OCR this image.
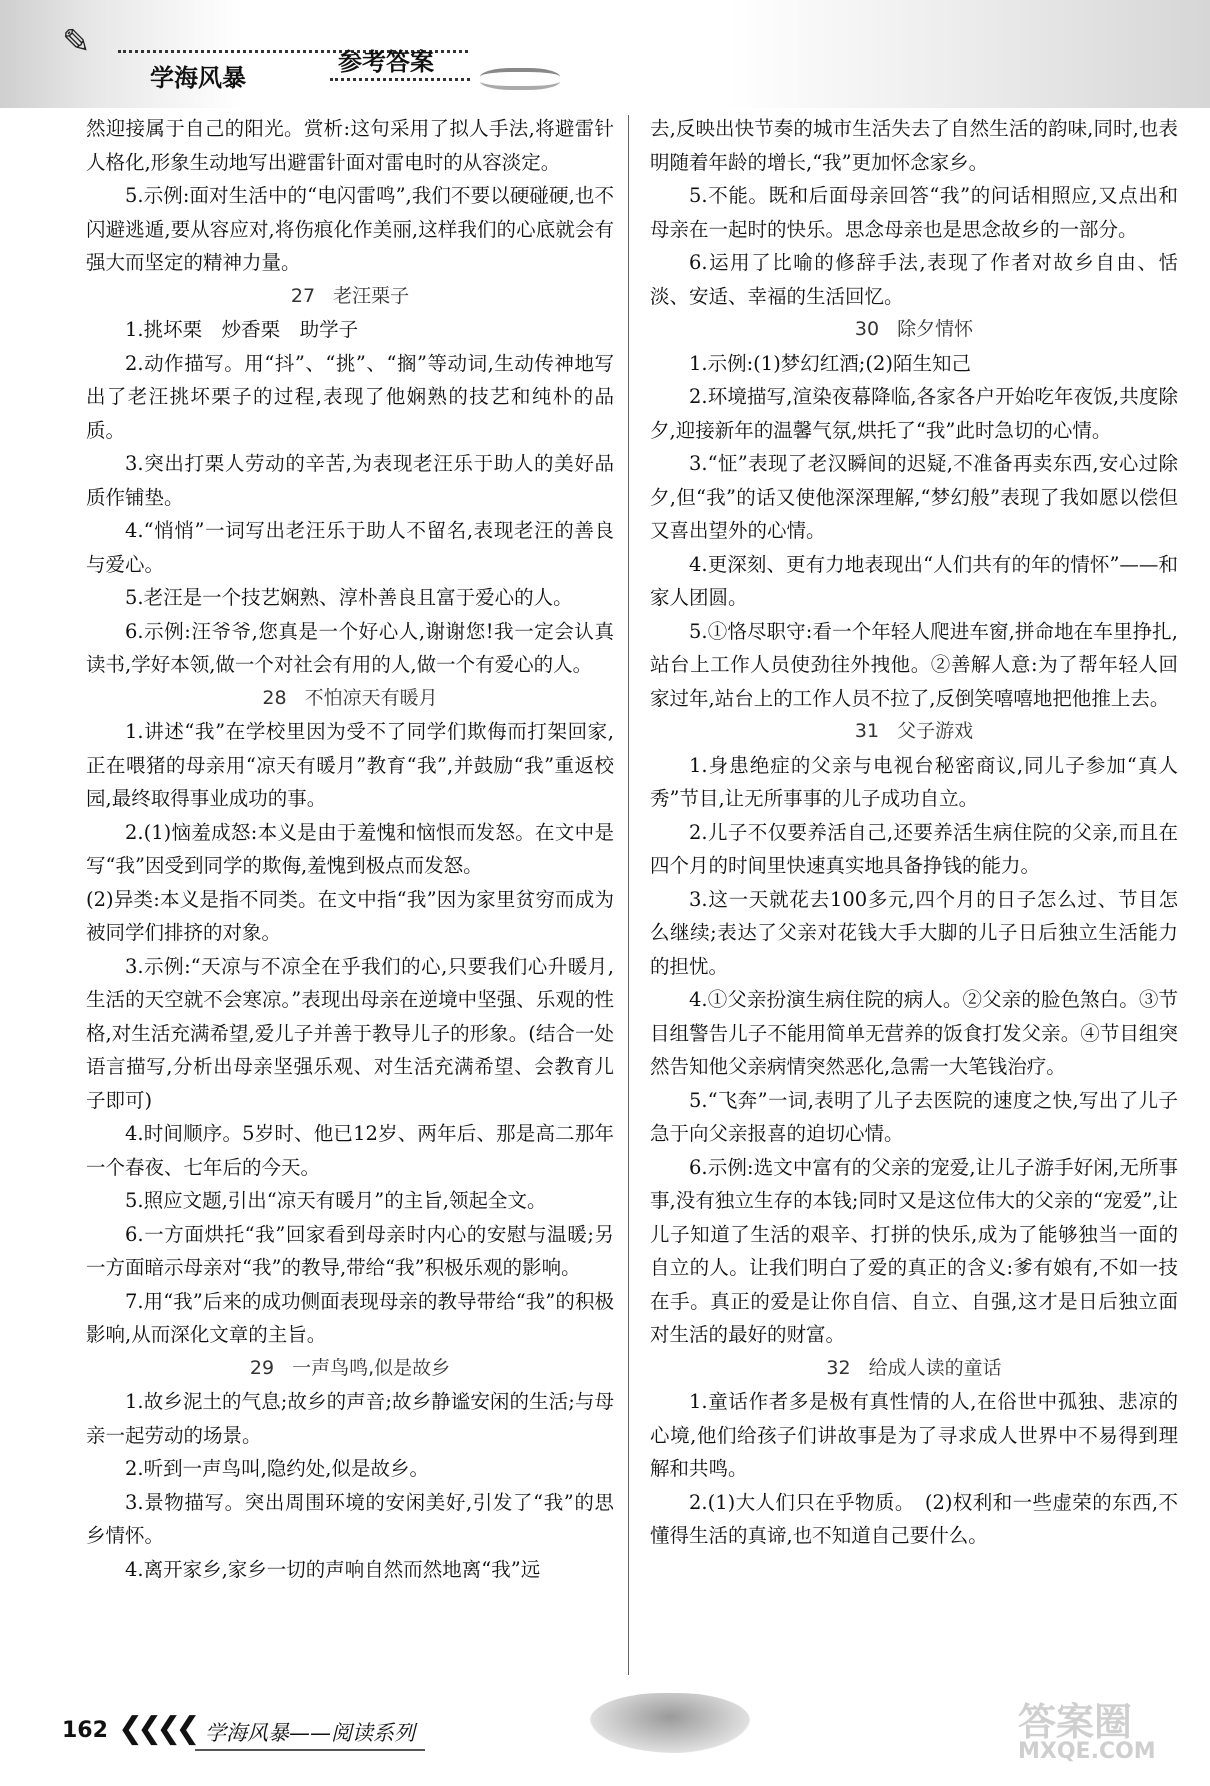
✎
学海风暴
参考答案

然迎接属于自己的阳光。赏析:这句采用了拟人手法,将避雷针人格化,形象生动地写出避雷针面对雷电时的从容淡定。

5.示例:面对生活中的“电闪雷鸣”,我们不要以硬碰硬,也不闪避逃遁,要从容应对,将伤痕化作美丽,这样我们的心底就会有强大而坚定的精神力量。

27 老汪栗子

1.挑坏栗　炒香栗　助学子

2.动作描写。用“抖”、“挑”、“搁”等动词,生动传神地写出了老汪挑坏栗子的过程,表现了他娴熟的技艺和纯朴的品质。

3.突出打栗人劳动的辛苦,为表现老汪乐于助人的美好品质作铺垫。

4.“悄悄”一词写出老汪乐于助人不留名,表现老汪的善良与爱心。

5.老汪是一个技艺娴熟、淳朴善良且富于爱心的人。

6.示例:汪爷爷,您真是一个好心人,谢谢您!我一定会认真读书,学好本领,做一个对社会有用的人,做一个有爱心的人。

28 不怕凉天有暖月

1.讲述“我”在学校里因为受不了同学们欺侮而打架回家,正在喂猪的母亲用“凉天有暖月”教育“我”,并鼓励“我”重返校园,最终取得事业成功的事。

2.(1)恼羞成怒:本义是由于羞愧和恼恨而发怒。在文中是写“我”因受到同学的欺侮,羞愧到极点而发怒。

(2)异类:本义是指不同类。在文中指“我”因为家里贫穷而成为被同学们排挤的对象。

3.示例:“天凉与不凉全在乎我们的心,只要我们心升暖月,生活的天空就不会寒凉。”表现出母亲在逆境中坚强、乐观的性格,对生活充满希望,爱儿子并善于教导儿子的形象。(结合一处语言描写,分析出母亲坚强乐观、对生活充满希望、会教育儿子即可)

4.时间顺序。5岁时、他已12岁、两年后、那是高二那年一个春夜、七年后的今天。

5.照应文题,引出“凉天有暖月”的主旨,领起全文。

6.一方面烘托“我”回家看到母亲时内心的安慰与温暖;另一方面暗示母亲对“我”的教导,带给“我”积极乐观的影响。

7.用“我”后来的成功侧面表现母亲的教导带给“我”的积极影响,从而深化文章的主旨。

29 一声鸟鸣,似是故乡

1.故乡泥土的气息;故乡的声音;故乡静谧安闲的生活;与母亲一起劳动的场景。

2.听到一声鸟叫,隐约处,似是故乡。

3.景物描写。突出周围环境的安闲美好,引发了“我”的思乡情怀。

4.离开家乡,家乡一切的声响自然而然地离“我”远

去,反映出快节奏的城市生活失去了自然生活的韵味,同时,也表明随着年龄的增长,“我”更加怀念家乡。

5.不能。既和后面母亲回答“我”的问话相照应,又点出和母亲在一起时的快乐。思念母亲也是思念故乡的一部分。

6.运用了比喻的修辞手法,表现了作者对故乡自由、恬淡、安适、幸福的生活回忆。

30 除夕情怀

1.示例:(1)梦幻红酒;(2)陌生知己

2.环境描写,渲染夜幕降临,各家各户开始吃年夜饭,共度除夕,迎接新年的温馨气氛,烘托了“我”此时急切的心情。

3.“怔”表现了老汉瞬间的迟疑,不准备再卖东西,安心过除夕,但“我”的话又使他深深理解,“梦幻般”表现了我如愿以偿但又喜出望外的心情。

4.更深刻、更有力地表现出“人们共有的年的情怀”——和家人团圆。

5.①恪尽职守:看一个年轻人爬进车窗,拼命地在车里挣扎,站台上工作人员使劲往外拽他。②善解人意:为了帮年轻人回家过年,站台上的工作人员不拉了,反倒笑嘻嘻地把他推上去。

31 父子游戏

1.身患绝症的父亲与电视台秘密商议,同儿子参加“真人秀”节目,让无所事事的儿子成功自立。

2.儿子不仅要养活自己,还要养活生病住院的父亲,而且在四个月的时间里快速真实地具备挣钱的能力。

3.这一天就花去100多元,四个月的日子怎么过、节目怎么继续;表达了父亲对花钱大手大脚的儿子日后独立生活能力的担忧。

4.①父亲扮演生病住院的病人。②父亲的脸色煞白。③节目组警告儿子不能用简单无营养的饭食打发父亲。④节目组突然告知他父亲病情突然恶化,急需一大笔钱治疗。

5.“飞奔”一词,表明了儿子去医院的速度之快,写出了儿子急于向父亲报喜的迫切心情。

6.示例:选文中富有的父亲的宠爱,让儿子游手好闲,无所事事,没有独立生存的本钱;同时又是这位伟大的父亲的“宠爱”,让儿子知道了生活的艰辛、打拼的快乐,成为了能够独当一面的自立的人。让我们明白了爱的真正的含义:爹有娘有,不如一技在手。真正的爱是让你自信、自立、自强,这才是日后独立面对生活的最好的财富。

32 给成人读的童话

1.童话作者多是极有真性情的人,在俗世中孤独、悲凉的心境,他们给孩子们讲故事是为了寻求成人世界中不易得到理解和共鸣。

2.(1)大人们只在乎物质。　(2)权利和一些虚荣的东西,不懂得生活的真谛,也不知道自己要什么。

162 ❮❮❮❮ 学海风暴——阅读系列	答案圈
MXQE.COM
